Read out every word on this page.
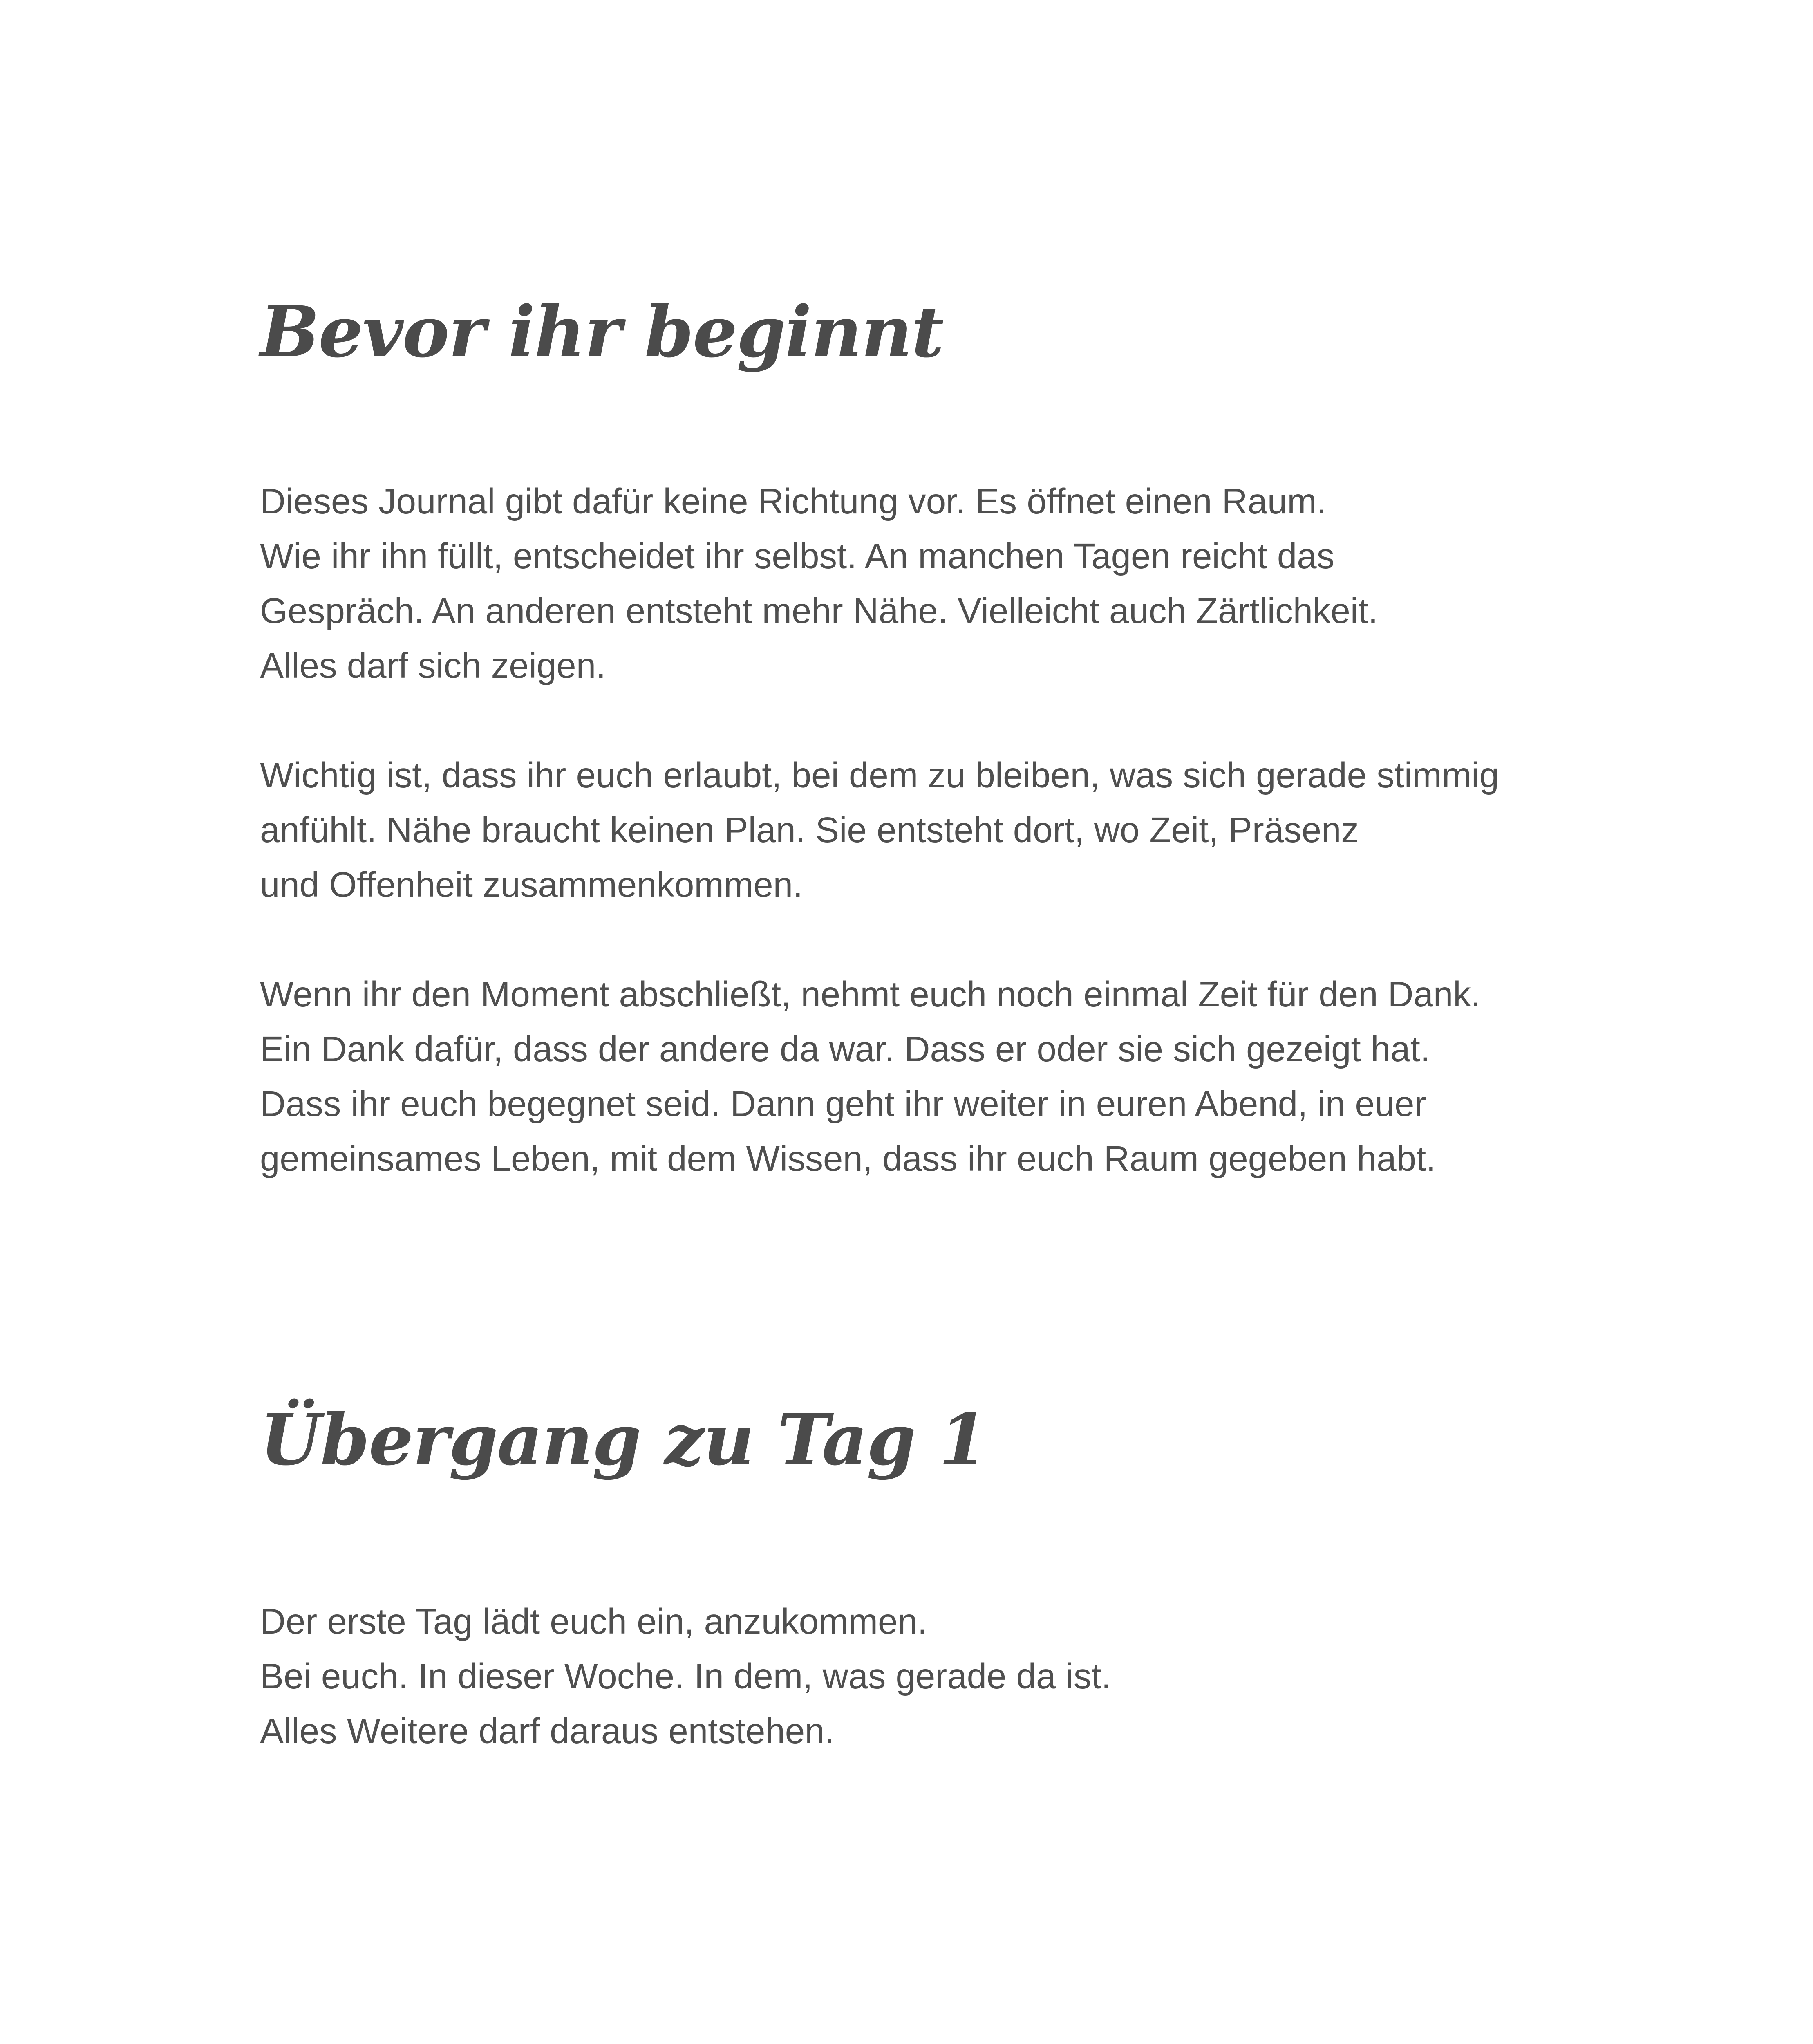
Bevor ihr beginnt

Dieses Journal gibt dafür keine Richtung vor. Es öffnet einen Raum.
Wie ihr ihn füllt, entscheidet ihr selbst. An manchen Tagen reicht das
Gespräch. An anderen entsteht mehr Nähe. Vielleicht auch Zärtlichkeit.
Alles darf sich zeigen.

Wichtig ist, dass ihr euch erlaubt, bei dem zu bleiben, was sich gerade stimmig
anfühlt. Nähe braucht keinen Plan. Sie entsteht dort, wo Zeit, Präsenz
und Offenheit zusammenkommen.

Wenn ihr den Moment abschließt, nehmt euch noch einmal Zeit für den Dank.
Ein Dank dafür, dass der andere da war. Dass er oder sie sich gezeigt hat.
Dass ihr euch begegnet seid. Dann geht ihr weiter in euren Abend, in euer
gemeinsames Leben, mit dem Wissen, dass ihr euch Raum gegeben habt.

Übergang zu Tag 1

Der erste Tag lädt euch ein, anzukommen.
Bei euch. In dieser Woche. In dem, was gerade da ist.
Alles Weitere darf daraus entstehen.
